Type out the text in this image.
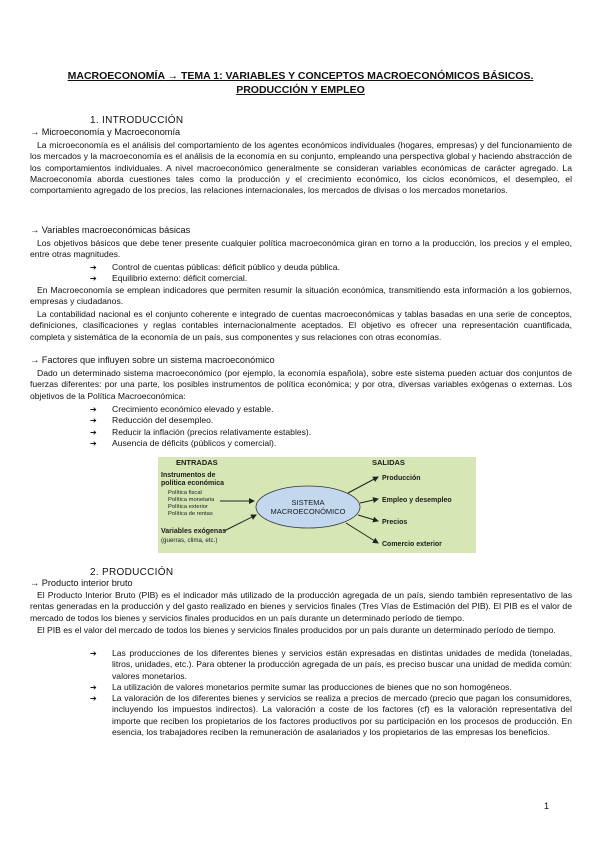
MACROECONOMÍA → TEMA 1: VARIABLES Y CONCEPTOS MACROECONÓMICOS BÁSICOS.
PRODUCCIÓN Y EMPLEO
1. INTRODUCCIÓN
→ Microeconomía y Macroeconomía
La microeconomía es el análisis del comportamiento de los agentes económicos individuales (hogares, empresas) y del funcionamiento de los mercados y la macroeconomía es el análisis de la economía en su conjunto, empleando una perspectiva global y haciendo abstracción de los comportamientos individuales. A nivel macroeconómico generalmente se consideran variables económicas de carácter agregado. La Macroeconomía aborda cuestiones tales como la producción y el crecimiento económico, los ciclos económicos, el desempleo, el comportamiento agregado de los precios, las relaciones internacionales, los mercados de divisas o los mercados monetarios.
→ Variables macroeconómicas básicas
Los objetivos básicos que debe tener presente cualquier política macroeconómica giran en torno a la producción, los precios y el empleo, entre otras magnitudes.
➔ Control de cuentas públicas: déficit público y deuda pública.
➔ Equilibrio externo: déficit comercial.
En Macroeconomía se emplean indicadores que permiten resumir la situación económica, transmitiendo esta información a los gobiernos, empresas y ciudadanos.
La contabilidad nacional es el conjunto coherente e integrado de cuentas macroeconómicas y tablas basadas en una serie de conceptos, definiciones, clasificaciones y reglas contables internacionalmente aceptados. El objetivo es ofrecer una representación cuantificada, completa y sistemática de la economía de un país, sus componentes y sus relaciones con otras economías.
→ Factores que influyen sobre un sistema macroeconómico
Dado un determinado sistema macroeconómico (por ejemplo, la economía española), sobre este sistema pueden actuar dos conjuntos de fuerzas diferentes: por una parte, los posibles instrumentos de política económica; y por otra, diversas variables exógenas o externas. Los objetivos de la Política Macroeconómica:
➔ Crecimiento económico elevado y estable.
➔ Reducción del desempleo.
➔ Reducir la inflación (precios relativamente estables).
➔ Ausencia de déficits (públicos y comercial).
ENTRADAS	SALIDAS
Instrumentos de
política económica
Política fiscal
Política monetaria
Política exterior
Política de rentas
Variables exógenas
(guerras, clima, etc.)
SISTEMA
MACROECONÓMICO
Producción
Empleo y desempleo
Precios
Comercio exterior
2. PRODUCCIÓN
→ Producto interior bruto
El Producto Interior Bruto (PIB) es el indicador más utilizado de la producción agregada de un país, siendo también representativo de las rentas generadas en la producción y del gasto realizado en bienes y servicios finales (Tres Vías de Estimación del PIB). El PIB es el valor de mercado de todos los bienes y servicios finales producidos en un país durante un determinado período de tiempo.
El PIB es el valor del mercado de todos los bienes y servicios finales producidos por un país durante un determinado período de tiempo.
➔ Las producciones de los diferentes bienes y servicios están expresadas en distintas unidades de medida (toneladas, litros, unidades, etc.). Para obtener la producción agregada de un país, es preciso buscar una unidad de medida común: valores monetarios.
➔ La utilización de valores monetarios permite sumar las producciones de bienes que no son homogéneos.
➔ La valoración de los diferentes bienes y servicios se realiza a precios de mercado (precio que pagan los consumidores, incluyendo los impuestos indirectos). La valoración a coste de los factores (cf) es la valoración representativa del importe que reciben los propietarios de los factores productivos por su participación en los procesos de producción. En esencia, los trabajadores reciben la remuneración de asalariados y los propietarios de las empresas los beneficios.
1
